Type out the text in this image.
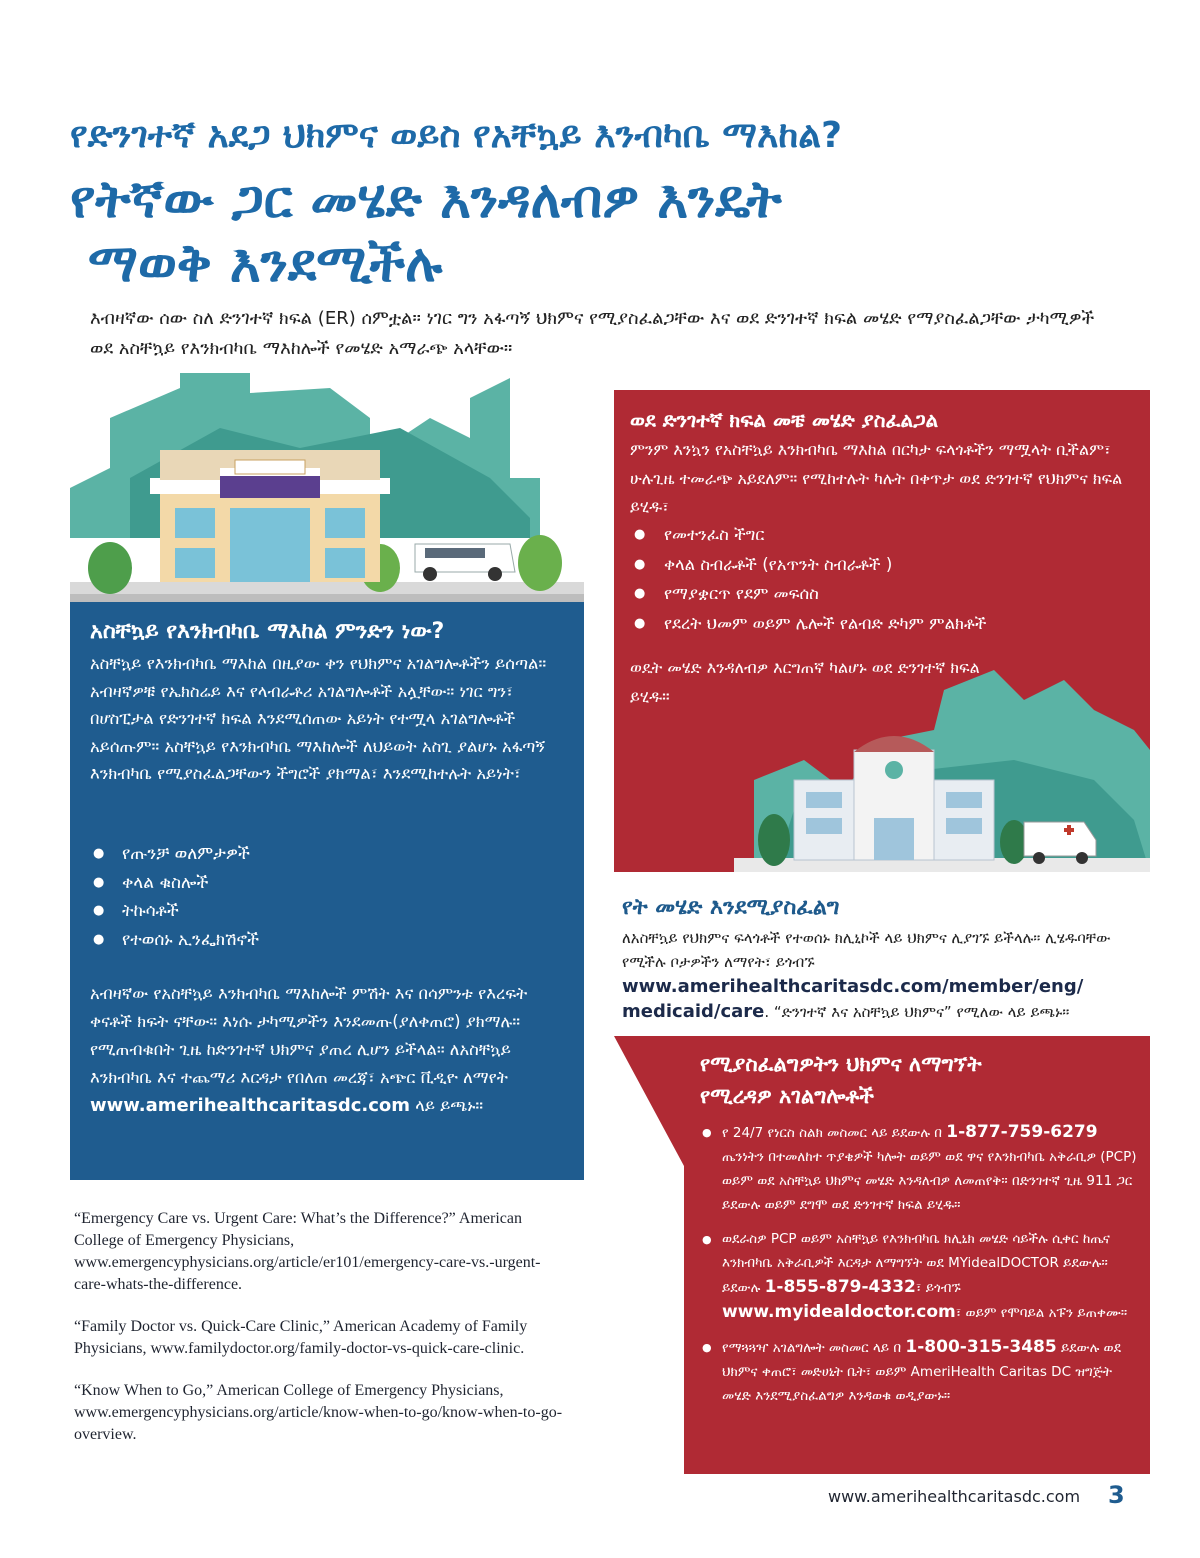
የድንገተኛ አደጋ ህክምና ወይስ የአቸኳይ እንብካቤ ማእከል?
የትኛው ጋር መሄድ እንዳለብዎ እንዴት
ማወቅ እንደሚችሉ
እብዛኛው ሰው ስለ ድንገተኛ ክፍል (ER) ሰምቷል። ነገር ግን አፋጣኝ ህክምና የሚያስፈልጋቸው እና ወደ ድንገተኛ ክፍል መሄድ የማያስፈልጋቸው ታካሚዎች ወደ አስቸኳይ የእንክብካቤ ማእከሎች የመሄድ አማራጭ አላቸው።
አስቸኳይ የእንክብካቤ ማእከል ምንድን ነው?
አስቸኳይ የእንክብካቤ ማእከል በዚያው ቀን የህክምና አገልግሎቶችን ይሰጣል። አብዛኛዎቹ የኤክስሬይ እና የላብራቶሪ አገልግሎቶች አሏቸው። ነገር ግን፣ በሆስፒታል የድንገተኛ ክፍል እንደሚሰጠው አይነት የተሟላ አገልግሎቶች አይሰጡም። አስቸኳይ የእንክብካቤ ማእከሎች ለህይወት አስጊ ያልሆኑ አፋጣኝ እንክብካቤ የሚያስፈልጋቸውን ችግሮች ያክማል፣ እንደሚከተሉት አይነት፣
● የጡንቻ ወለምታዎች
● ቀላል ቁስሎች
● ትኩሳቶች
● የተወሰኑ ኢንፌክሽኖች
አብዛኛው የአስቸኳይ እንክብካቤ ማእከሎች ምሽት እና በሳምንቱ የእረፍት ቀናቶች ክፍት ናቸው። እነሱ ታካሚዎችን እንደመጡ(ያለቀጠሮ) ያክማሉ። የሚጠብቁበት ጊዜ ከድንገተኛ ህክምና ያጠረ ሊሆን ይችላል። ለአስቸኳይ እንክብካቤ እና ተጨማሪ እርዳታ የበለጠ መረጃ፣ አጭር ቪዲዮ ለማየት
www.amerihealthcaritasdc.com ላይ ይጫኑ።
ወደ ድንገተኛ ክፍል መቼ መሄድ ያስፈልጋል
ምንም እንኳን የአስቸኳይ እንክብካቤ ማእከል በርካታ ፍላጎቶችን ማሟላት ቢችልም፣ ሁሉጊዜ ተመራጭ አይደለም። የሚከተሉት ካሉት በቀጥታ ወደ ድንገተኛ የህክምና ክፍል ይሂዱ፣
● የመተንፈስ ችግር
● ቀላል ስብራቶች (የአጥንት ስብራቶች )
● የማያቋርጥ የደም መፍሰስ
● የደረት ህመም ወይም ሌሎች የልብድ ድካም ምልክቶች
ወዴት መሄድ እንዳለብዎ እርግጠኛ ካልሆኑ ወደ ድንገተኛ ክፍል ይሂዱ።
የት መሄድ እንደሚያስፈልግ
ለአስቸኳይ የህክምና ፍላጎቶች የተወሰኑ ክሊኒኮች ላይ ህክምና ሊያገኙ ይችላሉ። ሊሄዱባቸው የሚችሉ ቦታዎችን ለማየት፣ ይጎብኙ
www.amerihealthcaritasdc.com/member/eng/
medicaid/care. “ድንገተኛ እና አስቸኳይ ህክምና” የሚለው ላይ ይጫኑ።
የሚያስፈልግዎትን ህክምና ለማግኘት
የሚረዳዎ አገልግሎቶች
● የ 24/7 የነርስ ስልክ መስመር ላይ ይደውሉ በ 1-877-759-6279 ጤንነትን በተመለከተ ጥያቄዎች ካሎት ወይም ወደ ዋና የእንክብካቤ አቅራቢዎ (PCP) ወይም ወደ አስቸኳይ ህክምና መሄድ እንዳለብዎ ለመጠየቅ። በድንገተኛ ጊዜ 911 ጋር ይደውሉ ወይም ደግሞ ወደ ድንገተኛ ክፍል ይሂዱ።
● ወደራስዎ PCP ወይም አስቸኳይ የእንክብካቤ ክሊኒክ መሄድ ሳይችሉ ሲቀር ከጤና እንክብካቤ አቅራቢዎች እርዳታ ለማግኘት ወደ MYidealDOCTOR ይደውሉ። ይደውሉ 1-855-879-4332፣ ይጎብኙ www.myidealdoctor.com፣ ወይም የሞባይል አፑን ይጠቀሙ።
● የማጓጓዣ አገልግሎት መስመር ላይ በ 1-800-315-3485 ይደውሉ ወደ ህክምና ቀጠሮ፣ መድሀኒት ቤት፣ ወይም AmeriHealth Caritas DC ዝግጅት መሄድ እንደሚያስፈልግዎ እንዳወቁ ወዲያውኑ።

“Emergency Care vs. Urgent Care: What’s the Difference?” American College of Emergency Physicians, www.emergencyphysicians.org/article/er101/emergency-care-vs.-urgent-care-whats-the-difference.

“Family Doctor vs. Quick-Care Clinic,” American Academy of Family Physicians, www.familydoctor.org/family-doctor-vs-quick-care-clinic.

“Know When to Go,” American College of Emergency Physicians, www.emergencyphysicians.org/article/know-when-to-go/know-when-to-go-overview.

www.amerihealthcaritasdc.com 3
